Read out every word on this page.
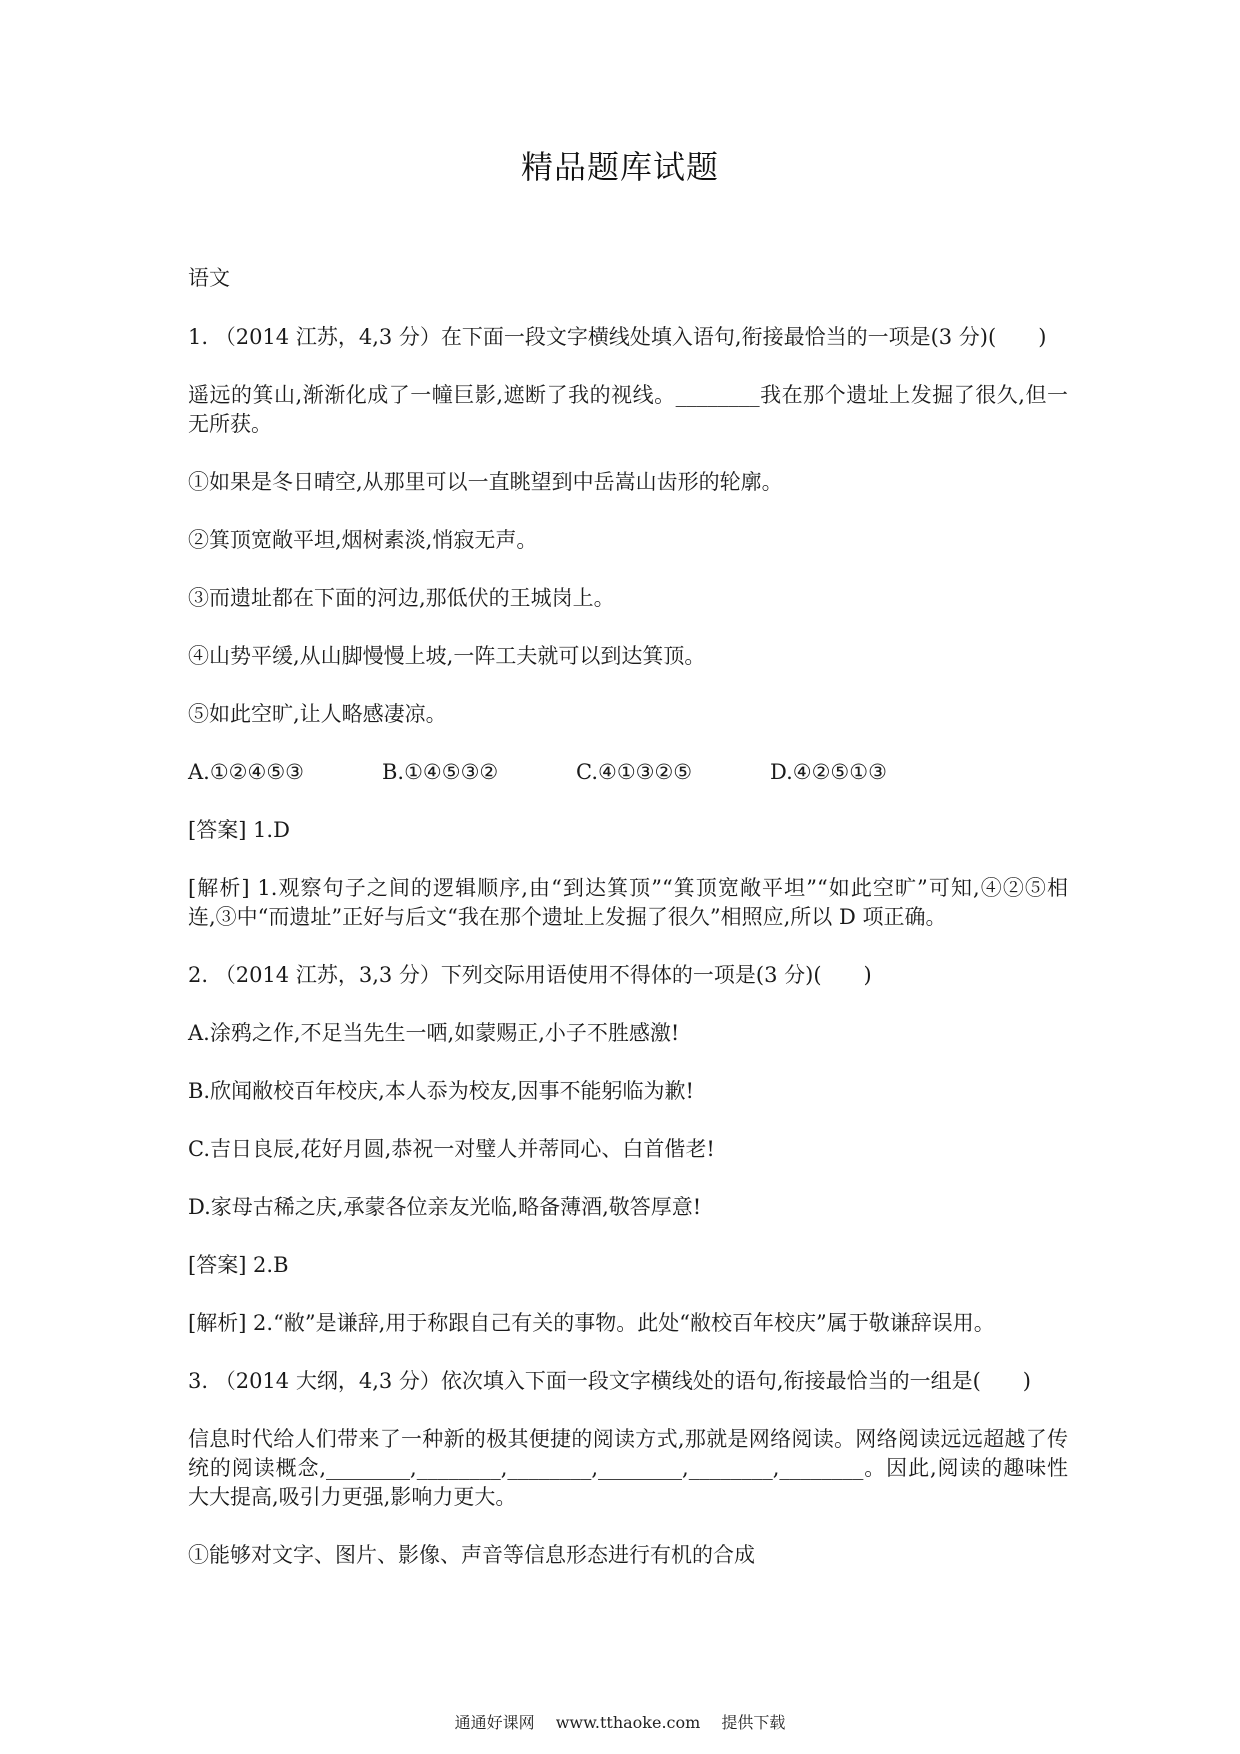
精品题库试题

语文

1. （2014 江苏，4,3 分）在下面一段文字横线处填入语句,衔接最恰当的一项是(3 分)(　　)

遥远的箕山,渐渐化成了一幢巨影,遮断了我的视线。________我在那个遗址上发掘了很久,但一无所获。

①如果是冬日晴空,从那里可以一直眺望到中岳嵩山齿形的轮廓。

②箕顶宽敞平坦,烟树素淡,悄寂无声。

③而遗址都在下面的河边,那低伏的王城岗上。

④山势平缓,从山脚慢慢上坡,一阵工夫就可以到达箕顶。

⑤如此空旷,让人略感凄凉。

A.①②④⑤③	B.①④⑤③②	C.④①③②⑤	D.④②⑤①③

[答案] 1.D

[解析] 1.观察句子之间的逻辑顺序,由“到达箕顶”“箕顶宽敞平坦”“如此空旷”可知,④②⑤相连,③中“而遗址”正好与后文“我在那个遗址上发掘了很久”相照应,所以 D 项正确。

2. （2014 江苏，3,3 分）下列交际用语使用不得体的一项是(3 分)(　　)

A.涂鸦之作,不足当先生一哂,如蒙赐正,小子不胜感激!

B.欣闻敝校百年校庆,本人忝为校友,因事不能躬临为歉!

C.吉日良辰,花好月圆,恭祝一对璧人并蒂同心、白首偕老!

D.家母古稀之庆,承蒙各位亲友光临,略备薄酒,敬答厚意!

[答案] 2.B

[解析] 2.“敝”是谦辞,用于称跟自己有关的事物。此处“敝校百年校庆”属于敬谦辞误用。

3. （2014 大纲，4,3 分）依次填入下面一段文字横线处的语句,衔接最恰当的一组是(　　)

信息时代给人们带来了一种新的极其便捷的阅读方式,那就是网络阅读。网络阅读远远超越了传统的阅读概念,________,________,________,________,________,________。因此,阅读的趣味性大大提高,吸引力更强,影响力更大。

①能够对文字、图片、影像、声音等信息形态进行有机的合成

通通好课网 www.tthaoke.com 提供下载
